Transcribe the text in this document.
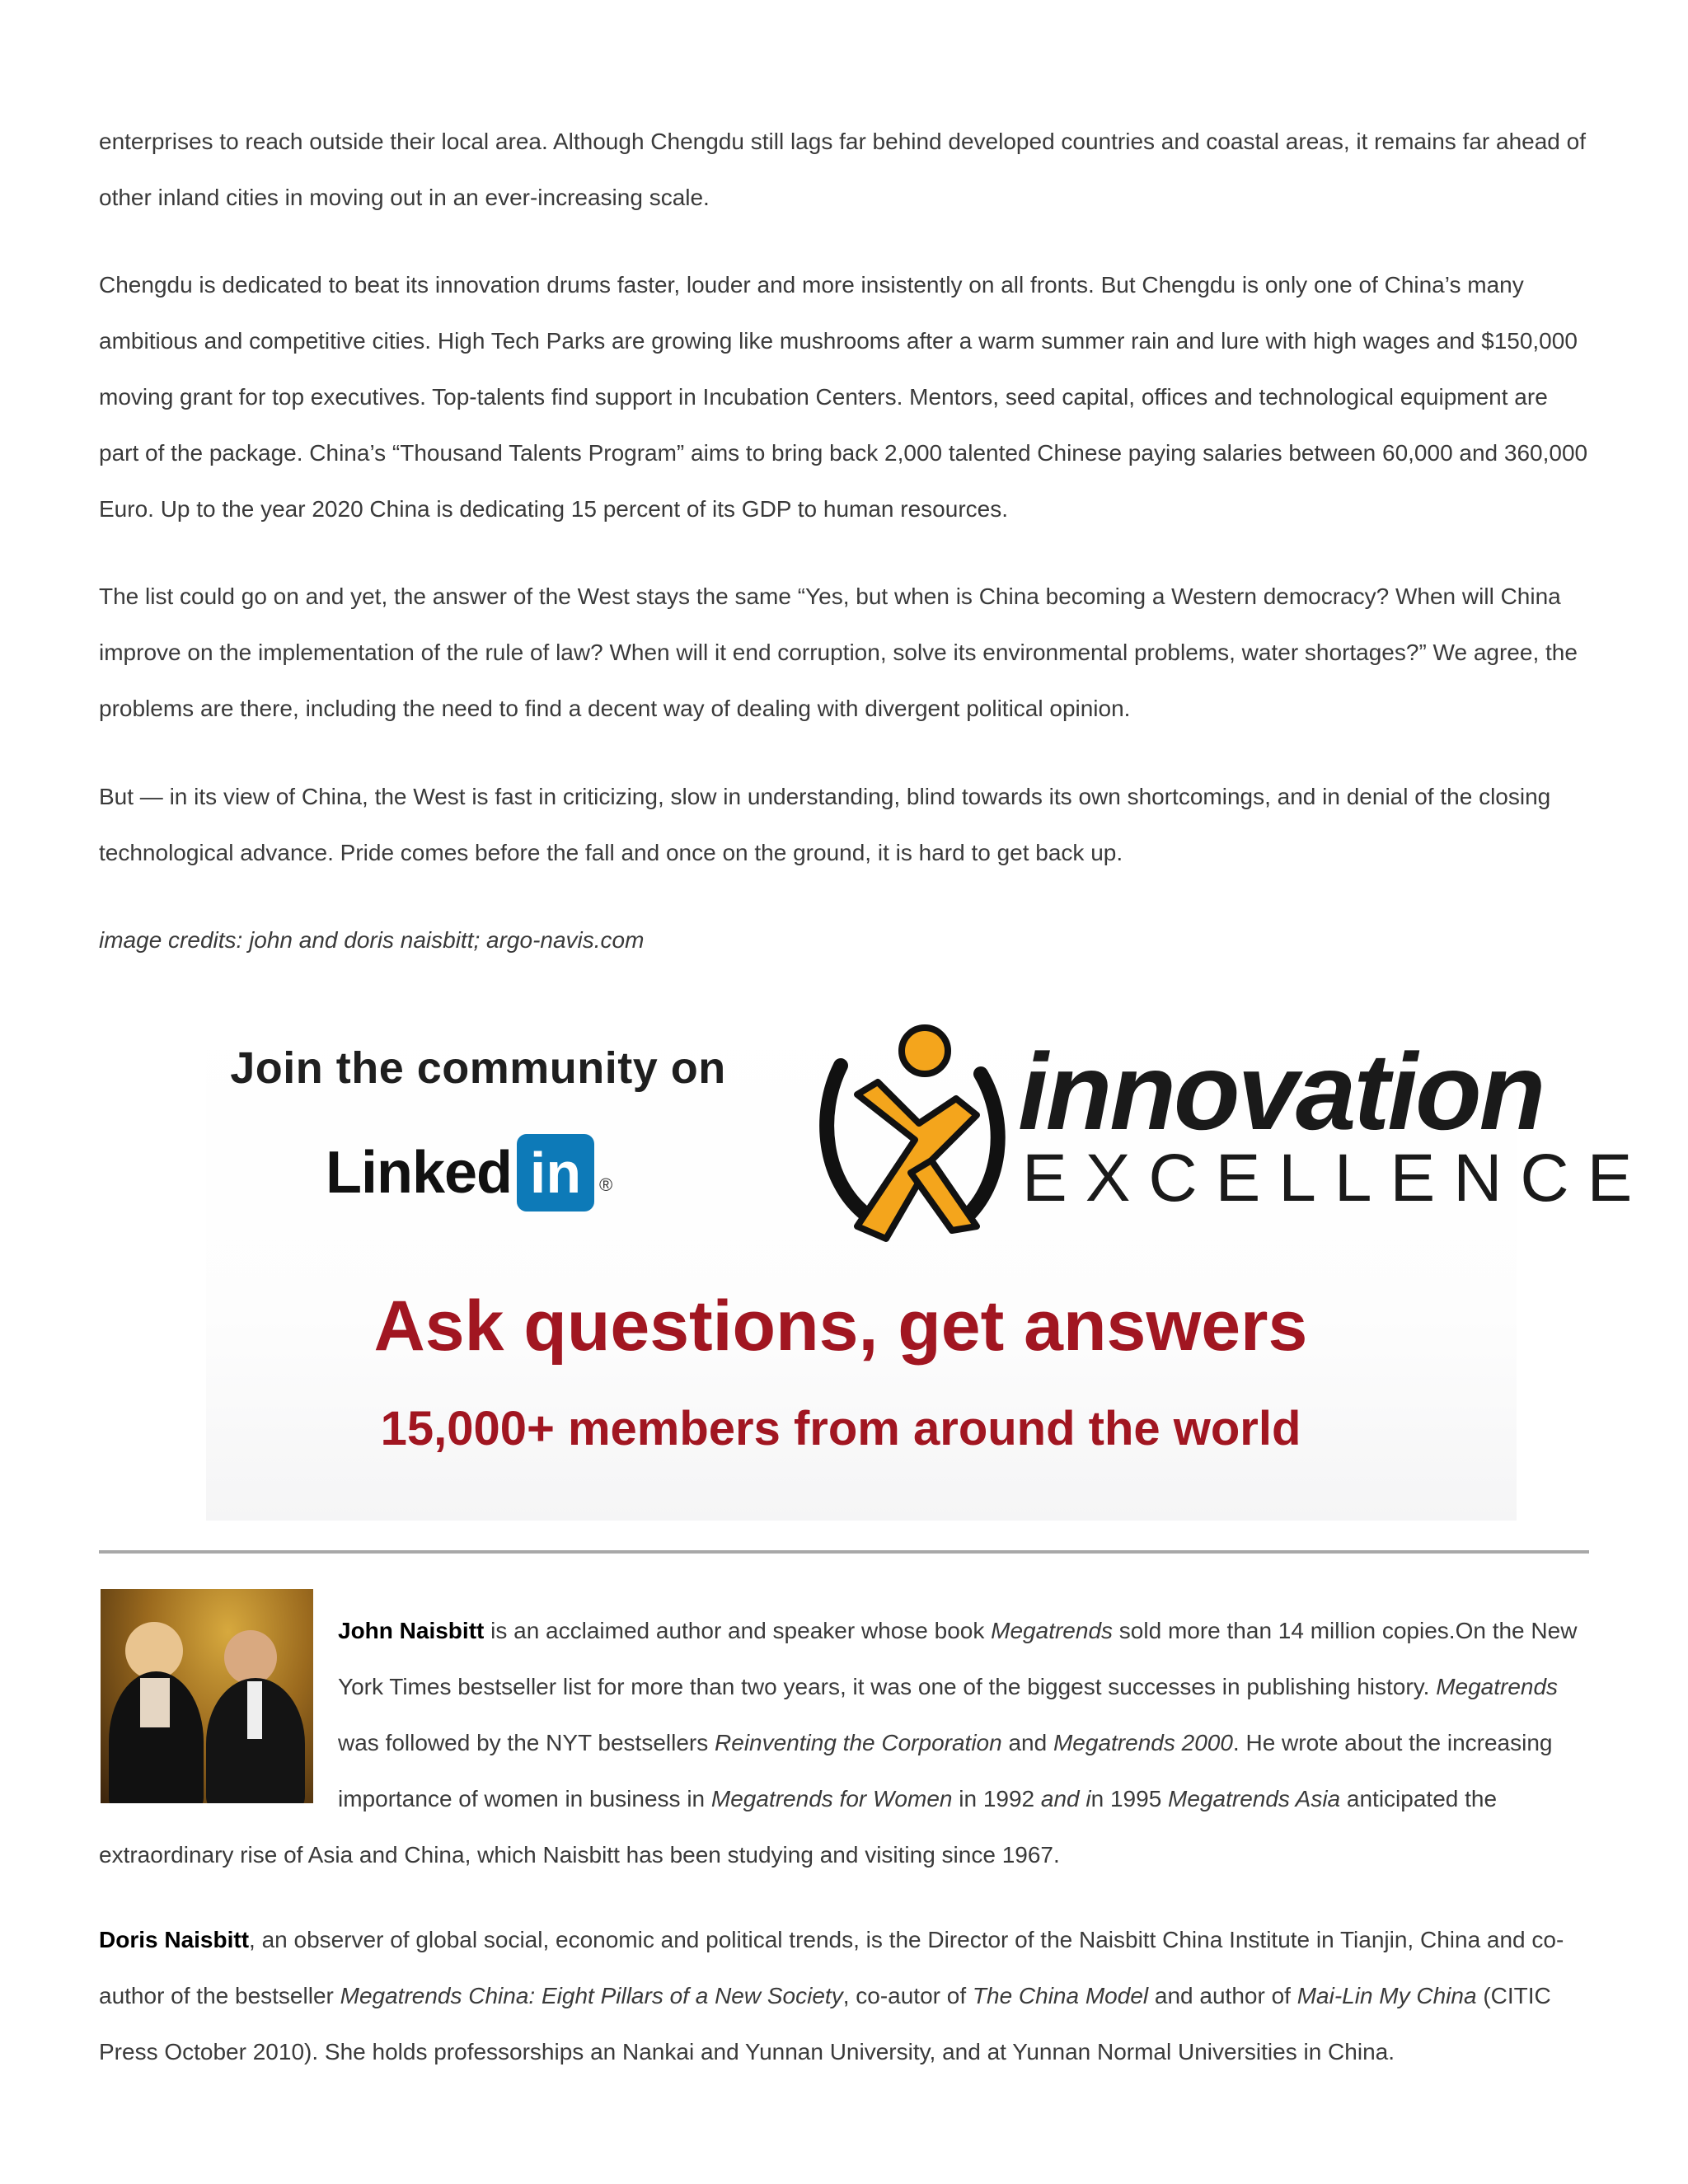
enterprises to reach outside their local area. Although Chengdu still lags far behind developed countries and coastal areas, it remains far ahead of other inland cities in moving out in an ever-increasing scale.

Chengdu is dedicated to beat its innovation drums faster, louder and more insistently on all fronts. But Chengdu is only one of China’s many ambitious and competitive cities. High Tech Parks are growing like mushrooms after a warm summer rain and lure with high wages and $150,000 moving grant for top executives. Top-talents find support in Incubation Centers. Mentors, seed capital, offices and technological equipment are part of the package. China’s “Thousand Talents Program” aims to bring back 2,000 talented Chinese paying salaries between 60,000 and 360,000 Euro. Up to the year 2020 China is dedicating 15 percent of its GDP to human resources.

The list could go on and yet, the answer of the West stays the same “Yes, but when is China becoming a Western democracy? When will China improve on the implementation of the rule of law? When will it end corruption, solve its environmental problems, water shortages?” We agree, the problems are there, including the need to find a decent way of dealing with divergent political opinion.

But — in its view of China, the West is fast in criticizing, slow in understanding, blind towards its own shortcomings, and in denial of the closing technological advance. Pride comes before the fall and once on the ground, it is hard to get back up.

image credits: john and doris naisbitt; argo-navis.com

Join the community on
Linked in ®
innovation
EXCELLENCE
Ask questions, get answers
15,000+ members from around the world

John Naisbitt is an acclaimed author and speaker whose book Megatrends sold more than 14 million copies.On the New York Times bestseller list for more than two years, it was one of the biggest successes in publishing history. Megatrends was followed by the NYT bestsellers Reinventing the Corporation and Megatrends 2000. He wrote about the increasing importance of women in business in Megatrends for Women in 1992 and in 1995 Megatrends Asia anticipated the extraordinary rise of Asia and China, which Naisbitt has been studying and visiting since 1967.

Doris Naisbitt, an observer of global social, economic and political trends, is the Director of the Naisbitt China Institute in Tianjin, China and co-author of the bestseller Megatrends China: Eight Pillars of a New Society, co-autor of The China Model and author of Mai-Lin My China (CITIC Press October 2010). She holds professorships an Nankai and Yunnan University, and at Yunnan Normal Universities in China.
